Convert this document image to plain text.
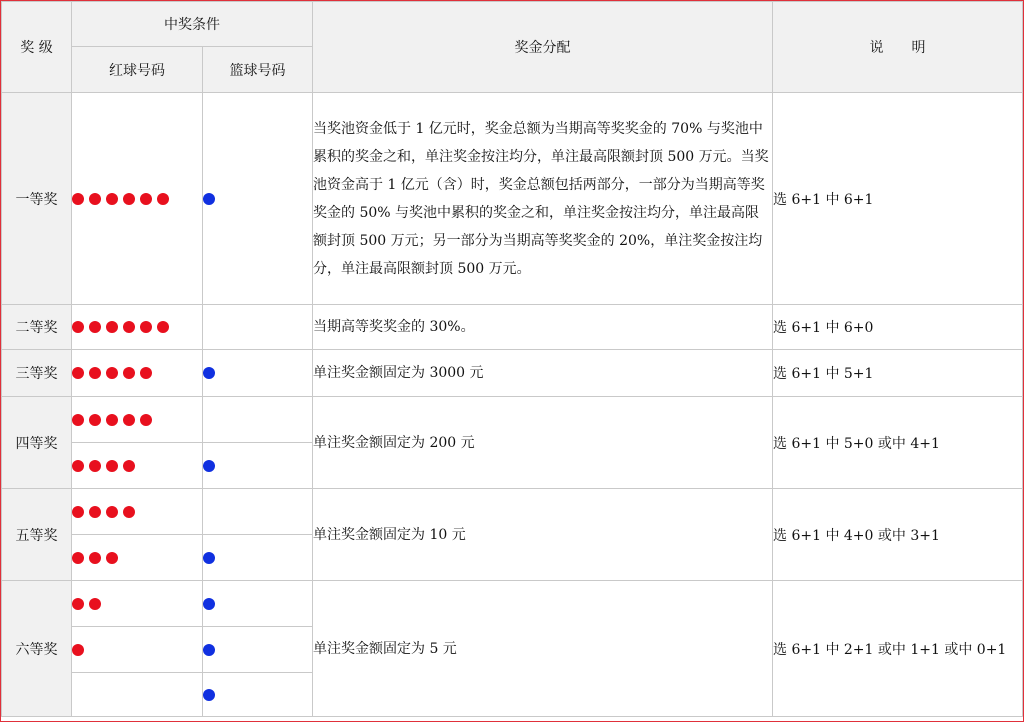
奖 级	中奖条件		奖金分配	说　　明
	红球号码	篮球号码		
一等奖			当奖池资金低于 1 亿元时，奖金总额为当期高等奖奖金的 70% 与奖池中累积的奖金之和，单注奖金按注均分，单注最高限额封顶 500 万元。当奖池资金高于 1 亿元（含）时，奖金总额包括两部分，一部分为当期高等奖奖金的 50% 与奖池中累积的奖金之和，单注奖金按注均分，单注最高限额封顶 500 万元；另一部分为当期高等奖奖金的 20%，单注奖金按注均分，单注最高限额封顶 500 万元。	选 6+1 中 6+1
二等奖			当期高等奖奖金的 30%。	选 6+1 中 6+0
三等奖			单注奖金额固定为 3000 元	选 6+1 中 5+1
四等奖			单注奖金额固定为 200 元	选 6+1 中 5+0 或中 4+1

五等奖			单注奖金额固定为 10 元	选 6+1 中 4+0 或中 3+1

六等奖			单注奖金额固定为 5 元	选 6+1 中 2+1 或中 1+1 或中 0+1
